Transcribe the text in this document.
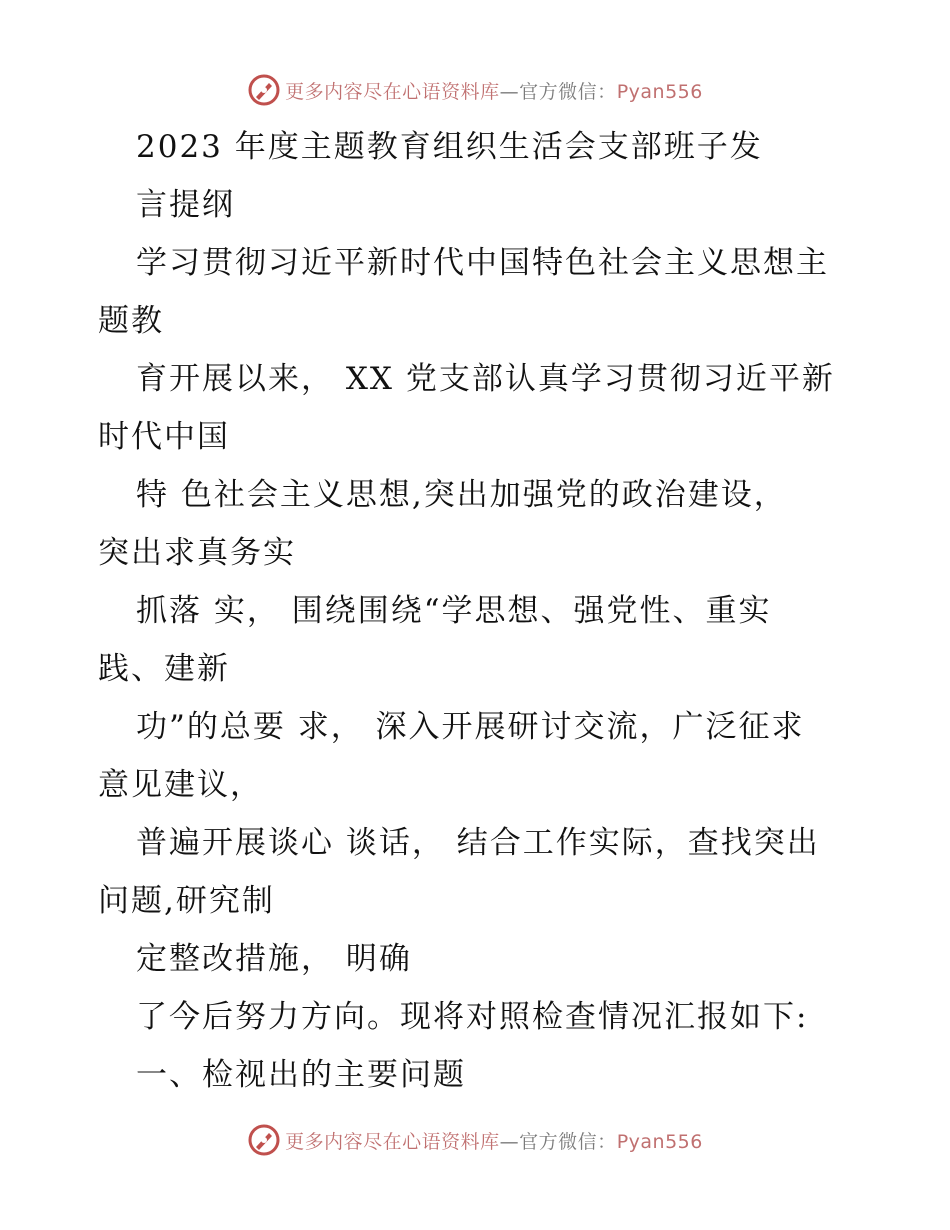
更多内容尽在心语资料库—官方微信：Pyan556
2023 年度主题教育组织生活会支部班子发
言提纲
学习贯彻习近平新时代中国特色社会主义思想主
题教
育开展以来， XX 党支部认真学习贯彻习近平新
时代中国
特 色社会主义思想,突出加强党的政治建设，
突出求真务实
抓落 实， 围绕围绕“学思想、强党性、重实
践、建新
功”的总要 求， 深入开展研讨交流，广泛征求
意见建议，
普遍开展谈心 谈话， 结合工作实际，查找突出
问题,研究制
定整改措施， 明确
了今后努力方向。现将对照检查情况汇报如下:
一、检视出的主要问题
更多内容尽在心语资料库—官方微信：Pyan556
